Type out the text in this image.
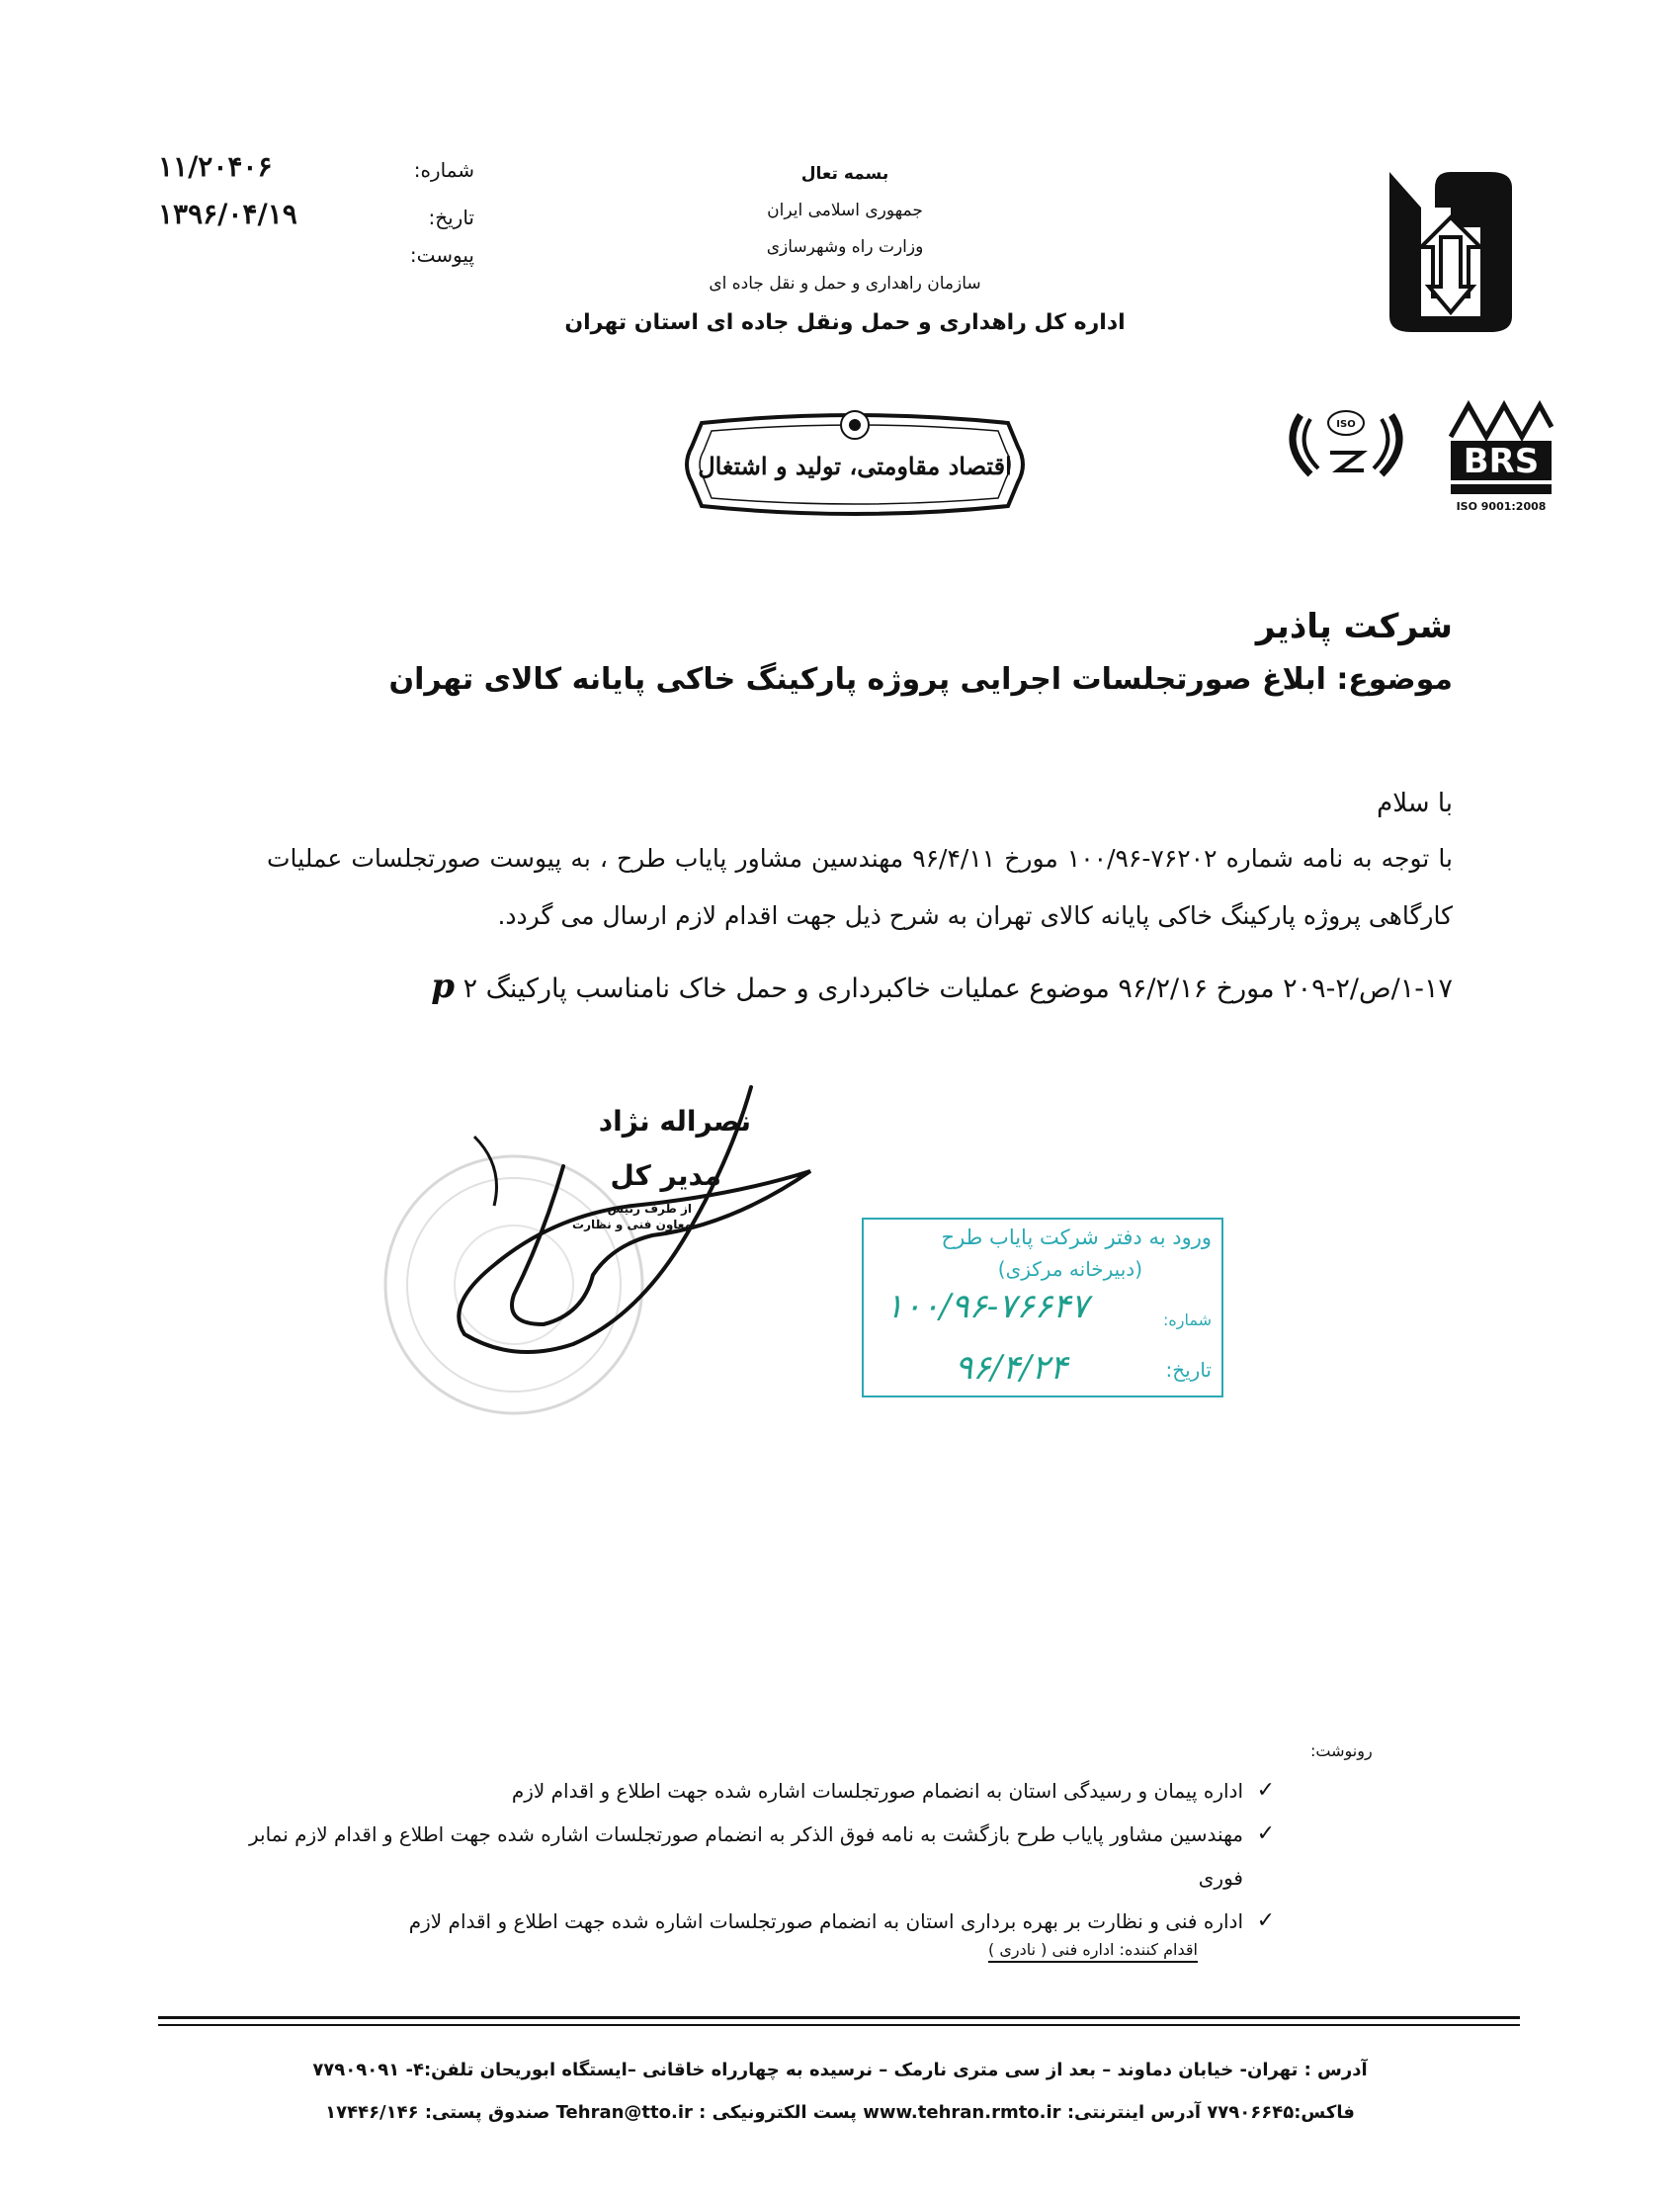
شماره:
۱۱/۲۰۴۰۶
تاریخ:
۱۳۹۶/۰۴/۱۹
پیوست:
بسمه تعال
جمهوری اسلامی ایران
وزارت راه وشهرسازی
سازمان راهداری و حمل و نقل جاده ای
اداره کل راهداری و حمل ونقل جاده ای استان تهران
اقتصاد مقاومتی، تولید و اشتغال
ISO
BRS
ISO 9001:2008
شرکت پاذیر
موضوع: ابلاغ صورتجلسات اجرایی پروژه پارکینگ خاکی پایانه کالای تهران
با سلام
با توجه به نامه شماره ۷۶۲۰۲-۱۰۰/۹۶ مورخ ۹۶/۴/۱۱ مهندسین مشاور پایاب طرح ، به پیوست صورتجلسات عملیات کارگاهی پروژه پارکینگ خاکی پایانه کالای تهران به شرح ذیل جهت اقدام لازم ارسال می گردد.
۱-۱۷/ص/۲-۲۰۹ مورخ ۹۶/۲/۱۶ موضوع عملیات خاکبرداری و حمل خاک نامناسب پارکینگ ۲ p
نصراله نژاد
مدیر کل
از طرف رئیس
معاون فنی و نظارت
ورود به دفتر شرکت پایاب طرح
(دبیرخانه مرکزی)
شماره:
۱۰۰/۹۶-۷۶۶۴۷
تاریخ:
۹۶/۴/۲۴
رونوشت:
✓
اداره پیمان و رسیدگی استان به انضمام صورتجلسات اشاره شده جهت اطلاع و اقدام لازم
✓
مهندسین مشاور پایاب طرح بازگشت به نامه فوق الذکر به انضمام صورتجلسات اشاره شده جهت اطلاع و اقدام لازم نمابر فوری
✓
اداره فنی و نظارت بر بهره برداری استان به انضمام صورتجلسات اشاره شده جهت اطلاع و اقدام لازم
اقدام کننده: اداره فنی ( نادری )
آدرس : تهران- خیابان دماوند – بعد از سی متری نارمک – نرسیده به چهارراه خاقانی –ایستگاه ابوریحان تلفن:۴- ۷۷۹۰۹۰۹۱
فاکس:۷۷۹۰۶۶۴۵ آدرس اینترنتی: www.tehran.rmto.ir پست الکترونیکی : Tehran@tto.ir صندوق پستی: ۱۷۴۴۶/۱۴۶
